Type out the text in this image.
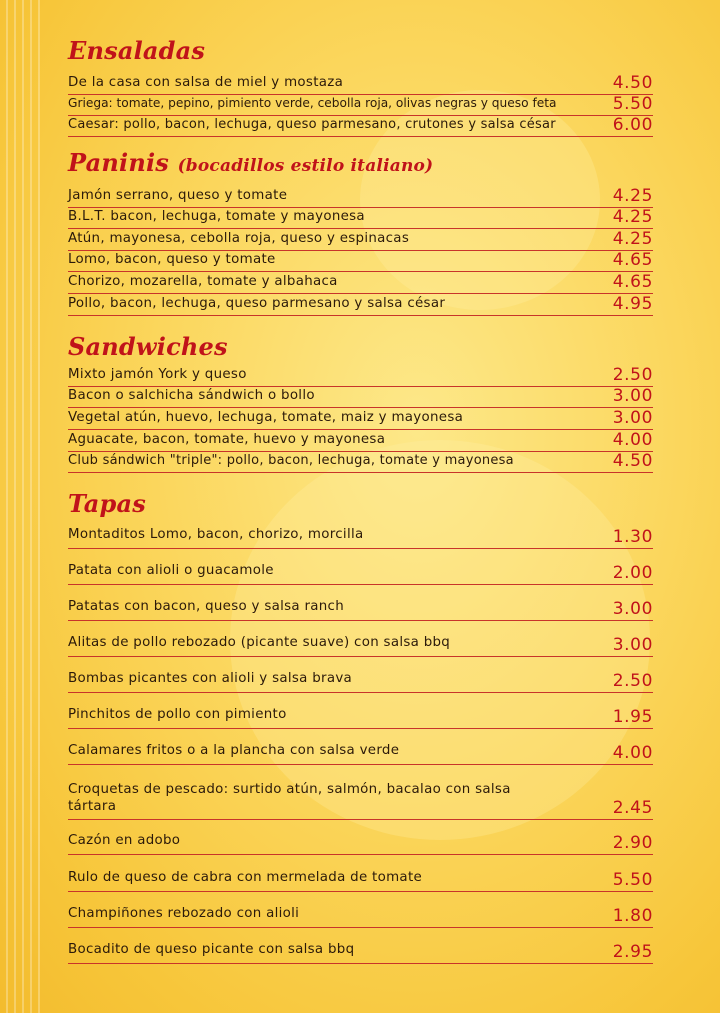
Ensaladas
De la casa con salsa de miel y mostaza	4.50
Griega: tomate, pepino, pimiento verde, cebolla roja, olivas negras y queso feta	5.50
Caesar: pollo, bacon, lechuga, queso parmesano, crutones y salsa césar	6.00
Paninis (bocadillos estilo italiano)
Jamón serrano, queso y tomate	4.25
B.L.T. bacon, lechuga, tomate y mayonesa	4.25
Atún, mayonesa, cebolla roja, queso y espinacas	4.25
Lomo, bacon, queso y tomate	4.65
Chorizo, mozarella, tomate y albahaca	4.65
Pollo, bacon, lechuga, queso parmesano y salsa césar	4.95
Sandwiches
Mixto jamón York y queso	2.50
Bacon o salchicha sándwich o bollo	3.00
Vegetal atún, huevo, lechuga, tomate, maiz y mayonesa	3.00
Aguacate, bacon, tomate, huevo y mayonesa	4.00
Club sándwich "triple": pollo, bacon, lechuga, tomate y mayonesa	4.50
Tapas
Montaditos Lomo, bacon, chorizo, morcilla	1.30
Patata con alioli o guacamole	2.00
Patatas con bacon, queso y salsa ranch	3.00
Alitas de pollo rebozado (picante suave) con salsa bbq	3.00
Bombas picantes con alioli y salsa brava	2.50
Pinchitos de pollo con pimiento	1.95
Calamares fritos o a la plancha con salsa verde	4.00
Croquetas de pescado: surtido atún, salmón, bacalao con salsa tártara	2.45
Cazón en adobo	2.90
Rulo de queso de cabra con mermelada de tomate	5.50
Champiñones rebozado con alioli	1.80
Bocadito de queso picante con salsa bbq	2.95
